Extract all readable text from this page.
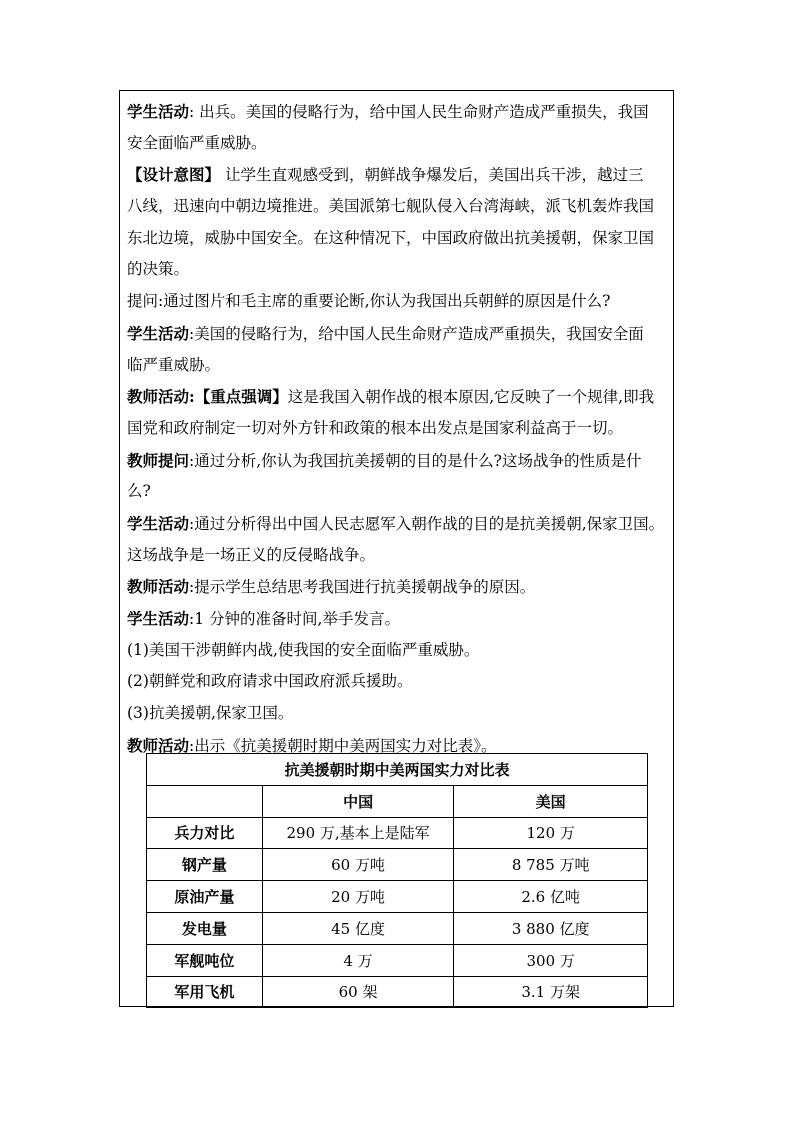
学生活动: 出兵。美国的侵略行为，给中国人民生命财产造成严重损失，我国
安全面临严重威胁。
【设计意图】 让学生直观感受到，朝鲜战争爆发后，美国出兵干涉，越过三
八线，迅速向中朝边境推进。美国派第七舰队侵入台湾海峡，派飞机轰炸我国
东北边境，威胁中国安全。在这种情况下，中国政府做出抗美援朝，保家卫国
的决策。
提问:通过图片和毛主席的重要论断,你认为我国出兵朝鲜的原因是什么?
学生活动:美国的侵略行为，给中国人民生命财产造成严重损失，我国安全面
临严重威胁。
教师活动:【重点强调】这是我国入朝作战的根本原因,它反映了一个规律,即我
国党和政府制定一切对外方针和政策的根本出发点是国家利益高于一切。
教师提问:通过分析,你认为我国抗美援朝的目的是什么?这场战争的性质是什
么?
学生活动:通过分析得出中国人民志愿军入朝作战的目的是抗美援朝,保家卫国。
这场战争是一场正义的反侵略战争。
教师活动:提示学生总结思考我国进行抗美援朝战争的原因。
学生活动:1 分钟的准备时间,举手发言。
(1)美国干涉朝鲜内战,使我国的安全面临严重威胁。
(2)朝鲜党和政府请求中国政府派兵援助。
(3)抗美援朝,保家卫国。
教师活动:出示《抗美援朝时期中美两国实力对比表》。
抗美援朝时期中美两国实力对比表		
	中国	美国
兵力对比	290 万,基本上是陆军	120 万
钢产量	60 万吨	8 785 万吨
原油产量	20 万吨	2.6 亿吨
发电量	45 亿度	3 880 亿度
军舰吨位	4 万	300 万
军用飞机	60 架	3.1 万架
